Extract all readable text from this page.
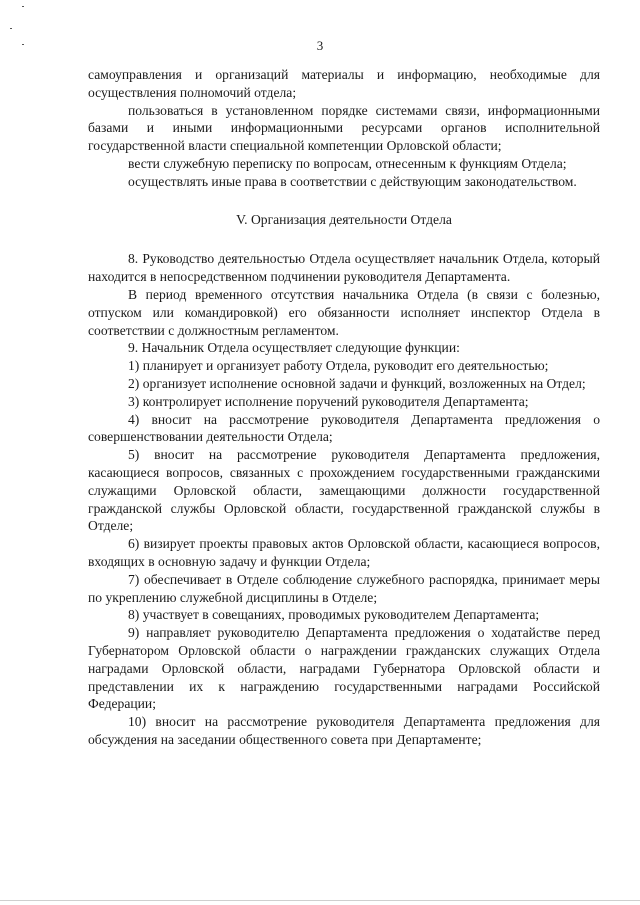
3

самоуправления и организаций материалы и информацию, необходимые для осуществления полномочий отдела;

пользоваться в установленном порядке системами связи, информационными базами и иными информационными ресурсами органов исполнительной государственной власти специальной компетенции Орловской области;

вести служебную переписку по вопросам, отнесенным к функциям Отдела;

осуществлять иные права в соответствии с действующим законодательством.

V. Организация деятельности Отдела

8. Руководство деятельностью Отдела осуществляет начальник Отдела, который находится в непосредственном подчинении руководителя Департамента.

В период временного отсутствия начальника Отдела (в связи с болезнью, отпуском или командировкой) его обязанности исполняет инспектор Отдела в соответствии с должностным регламентом.

9. Начальник Отдела осуществляет следующие функции:

1) планирует и организует работу Отдела, руководит его деятельностью;

2) организует исполнение основной задачи и функций, возложенных на Отдел;

3) контролирует исполнение поручений руководителя Департамента;

4) вносит на рассмотрение руководителя Департамента предложения о совершенствовании деятельности Отдела;

5) вносит на рассмотрение руководителя Департамента предложения, касающиеся вопросов, связанных с прохождением государственными гражданскими служащими Орловской области, замещающими должности государственной гражданской службы Орловской области, государственной гражданской службы в Отделе;

6) визирует проекты правовых актов Орловской области, касающиеся вопросов, входящих в основную задачу и функции Отдела;

7) обеспечивает в Отделе соблюдение служебного распорядка, принимает меры по укреплению служебной дисциплины в Отделе;

8) участвует в совещаниях, проводимых руководителем Департамента;

9) направляет руководителю Департамента предложения о ходатайстве перед Губернатором Орловской области о награждении гражданских служащих Отдела наградами Орловской области, наградами Губернатора Орловской области и представлении их к награждению государственными наградами Российской Федерации;

10) вносит на рассмотрение руководителя Департамента предложения для обсуждения на заседании общественного совета при Департаменте;
